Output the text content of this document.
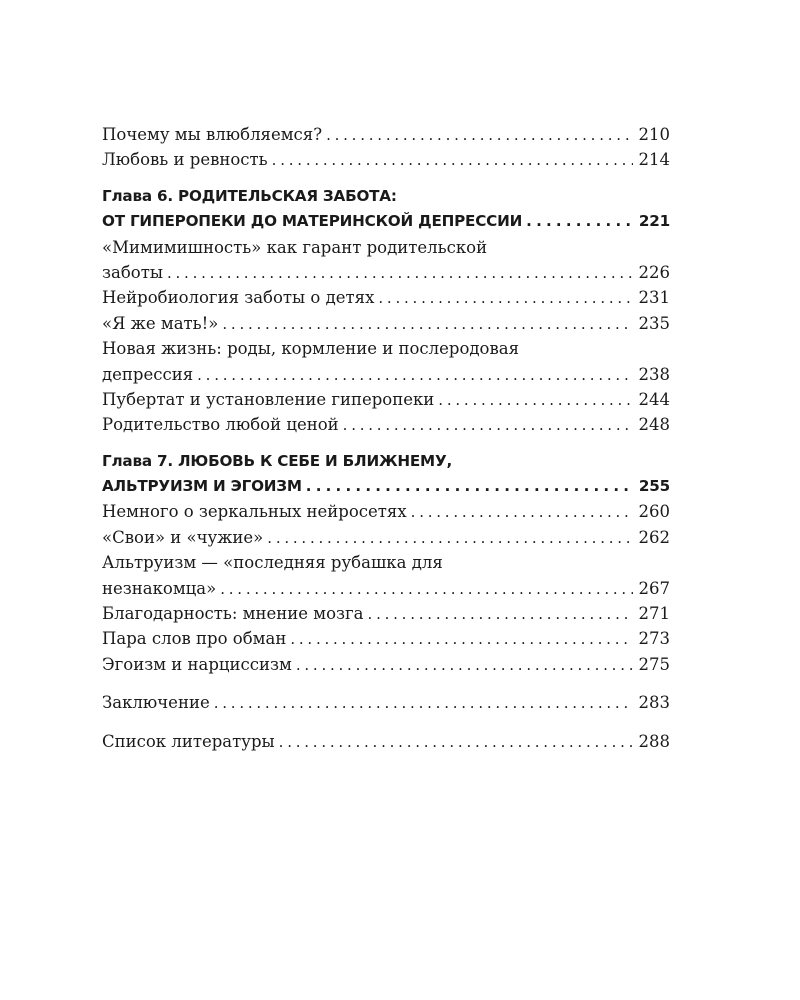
Почему мы влюбляемся? . . .	210
Любовь и ревность . . .	214
Глава 6. РОДИТЕЛЬСКАЯ ЗАБОТА:
ОТ ГИПЕРОПЕКИ ДО МАТЕРИНСКОЙ ДЕПРЕССИИ . . .	221
«Мимимишность» как гарант родительской
заботы . . .	226
Нейробиология заботы о детях . . .	231
«Я же мать!» . . .	235
Новая жизнь: роды, кормление и послеродовая
депрессия . . .	238
Пубертат и установление гиперопеки . . .	244
Родительство любой ценой . . .	248
Глава 7. ЛЮБОВЬ К СЕБЕ И БЛИЖНЕМУ,
АЛЬТРУИЗМ И ЭГОИЗМ . . .	255
Немного о зеркальных нейросетях . . .	260
«Свои» и «чужие» . . .	262
Альтруизм — «последняя рубашка для
незнакомца» . . .	267
Благодарность: мнение мозга . . .	271
Пара слов про обман . . .	273
Эгоизм и нарциссизм . . .	275
Заключение . . .	283
Список литературы . . .	288
